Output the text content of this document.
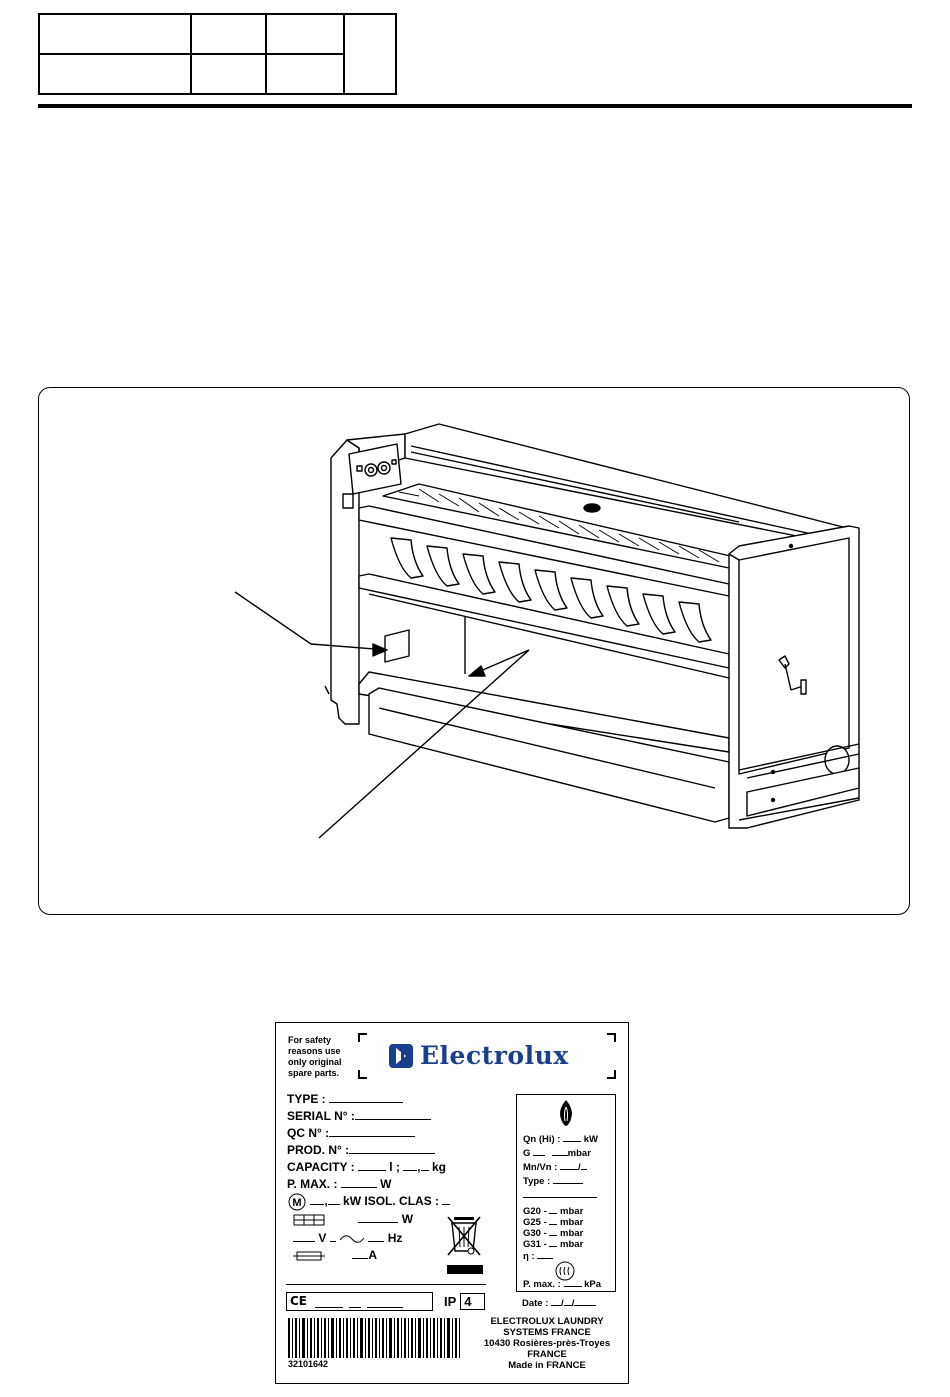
For safety reasons use only original spare parts.
Electrolux
TYPE :
SERIAL N° :
QC N° :
PROD. N° :
CAPACITY :	l ; , kg
P. MAX. :	W
M , kW ISOL. CLAS :
W
V	Hz
A
Qn (Hi) : kW
G	mbar
Mn/Vn : /
Type :
G20 - mbar
G25 - mbar
G30 - mbar
G31 - mbar
η :
P. max. : kPa
CE	IP 4	Date : / /
32101642
ELECTROLUX LAUNDRY
SYSTEMS FRANCE
10430 Rosières-près-Troyes
FRANCE
Made in FRANCE
